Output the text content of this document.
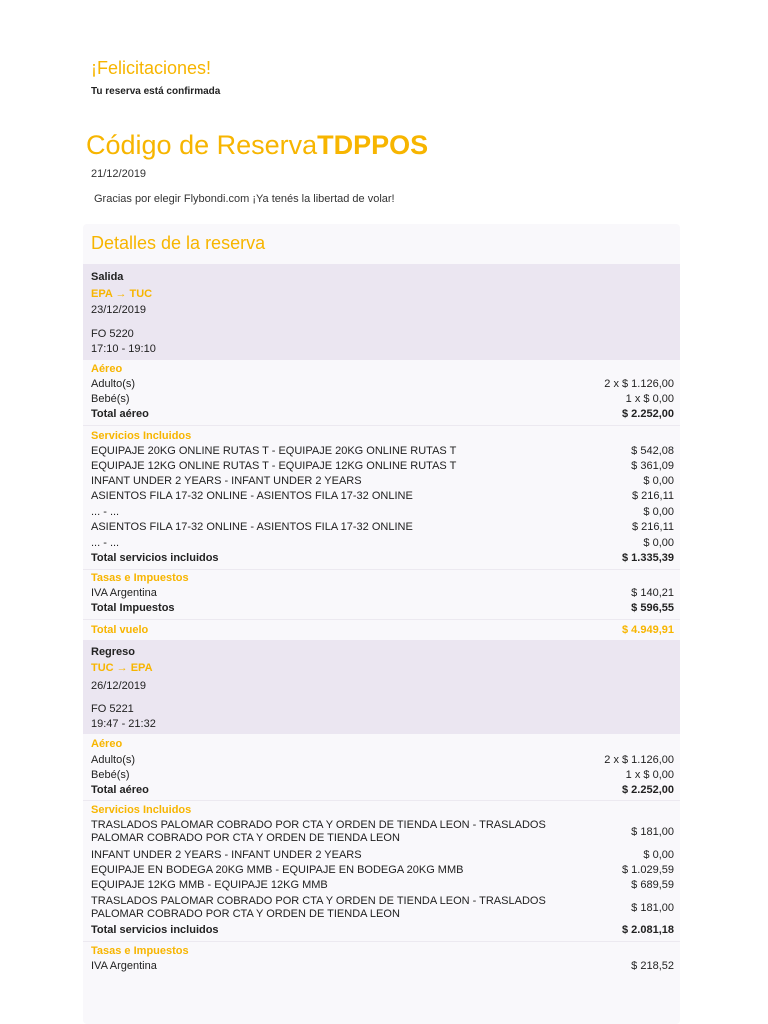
¡Felicitaciones!
Tu reserva está confirmada
Código de ReservaTDPPOS
21/12/2019
Gracias por elegir Flybondi.com ¡Ya tenés la libertad de volar!
Detalles de la reserva
Salida
EPA → TUC
23/12/2019
FO 5220
17:10 - 19:10
Aéreo
Adulto(s)	2 x $ 1.126,00
Bebé(s)	1 x $ 0,00
Total aéreo	$ 2.252,00
Servicios Incluidos
EQUIPAJE 20KG ONLINE RUTAS T - EQUIPAJE 20KG ONLINE RUTAS T	$ 542,08
EQUIPAJE 12KG ONLINE RUTAS T - EQUIPAJE 12KG ONLINE RUTAS T	$ 361,09
INFANT UNDER 2 YEARS - INFANT UNDER 2 YEARS	$ 0,00
ASIENTOS FILA 17-32 ONLINE - ASIENTOS FILA 17-32 ONLINE	$ 216,11
... - ...	$ 0,00
ASIENTOS FILA 17-32 ONLINE - ASIENTOS FILA 17-32 ONLINE	$ 216,11
... - ...	$ 0,00
Total servicios incluidos	$ 1.335,39
Tasas e Impuestos
IVA Argentina	$ 140,21
Total Impuestos	$ 596,55
Total vuelo	$ 4.949,91
Regreso
TUC → EPA
26/12/2019
FO 5221
19:47 - 21:32
Aéreo
Adulto(s)	2 x $ 1.126,00
Bebé(s)	1 x $ 0,00
Total aéreo	$ 2.252,00
Servicios Incluidos
TRASLADOS PALOMAR COBRADO POR CTA Y ORDEN DE TIENDA LEON - TRASLADOS PALOMAR COBRADO POR CTA Y ORDEN DE TIENDA LEON	$ 181,00
INFANT UNDER 2 YEARS - INFANT UNDER 2 YEARS	$ 0,00
EQUIPAJE EN BODEGA 20KG MMB - EQUIPAJE EN BODEGA 20KG MMB	$ 1.029,59
EQUIPAJE 12KG MMB - EQUIPAJE 12KG MMB	$ 689,59
TRASLADOS PALOMAR COBRADO POR CTA Y ORDEN DE TIENDA LEON - TRASLADOS PALOMAR COBRADO POR CTA Y ORDEN DE TIENDA LEON	$ 181,00
Total servicios incluidos	$ 2.081,18
Tasas e Impuestos
IVA Argentina	$ 218,52
